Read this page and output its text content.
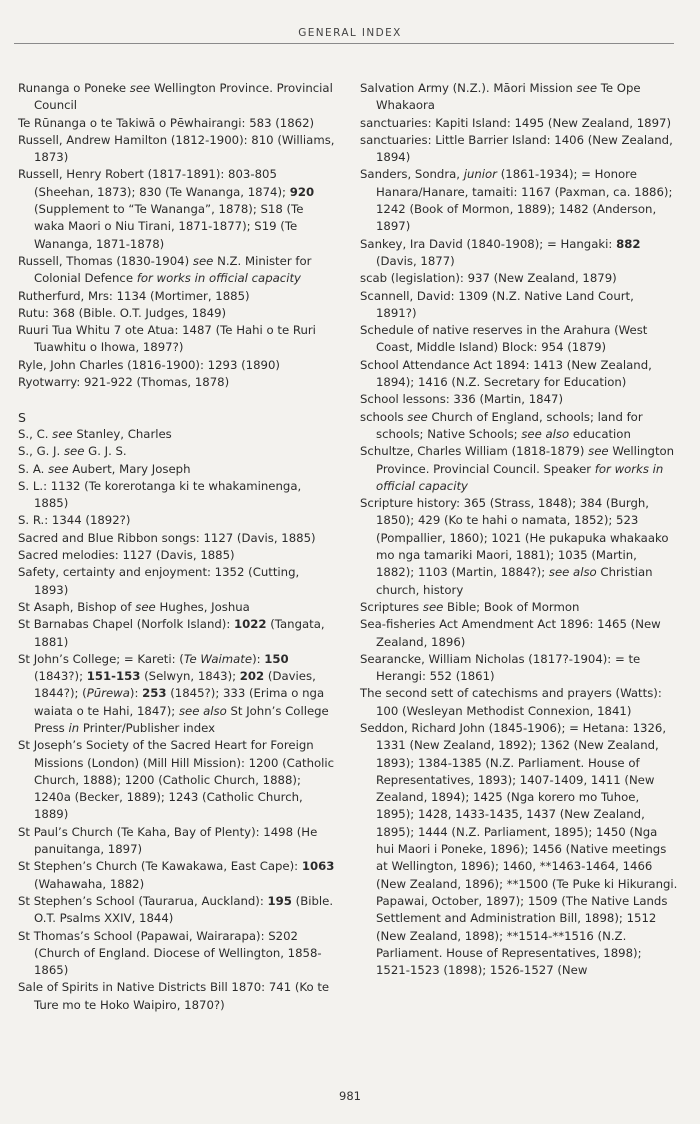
GENERAL INDEX

Runanga o Poneke see Wellington Province. Provincial Council

Te Rūnanga o te Takiwā o Pēwhairangi: 583 (1862)

Russell, Andrew Hamilton (1812-1900): 810 (Williams, 1873)

Russell, Henry Robert (1817-1891): 803-805 (Sheehan, 1873); 830 (Te Wananga, 1874); 920 (Supplement to “Te Wananga”, 1878); S18 (Te waka Maori o Niu Tirani, 1871-1877); S19 (Te Wananga, 1871-1878)

Russell, Thomas (1830-1904) see N.Z. Minister for Colonial Defence for works in official capacity

Rutherfurd, Mrs: 1134 (Mortimer, 1885)

Rutu: 368 (Bible. O.T. Judges, 1849)

Ruuri Tua Whitu 7 ote Atua: 1487 (Te Hahi o te Ruri Tuawhitu o Ihowa, 1897?)

Ryle, John Charles (1816-1900): 1293 (1890)

Ryotwarry: 921-922 (Thomas, 1878)

S

S., C. see Stanley, Charles

S., G. J. see G. J. S.

S. A. see Aubert, Mary Joseph

S. L.: 1132 (Te korerotanga ki te whakaminenga, 1885)

S. R.: 1344 (1892?)

Sacred and Blue Ribbon songs: 1127 (Davis, 1885)

Sacred melodies: 1127 (Davis, 1885)

Safety, certainty and enjoyment: 1352 (Cutting, 1893)

St Asaph, Bishop of see Hughes, Joshua

St Barnabas Chapel (Norfolk Island): 1022 (Tangata, 1881)

St John’s College; = Kareti: (Te Waimate): 150 (1843?); 151-153 (Selwyn, 1843); 202 (Davies, 1844?); (Pūrewa): 253 (1845?); 333 (Erima o nga waiata o te Hahi, 1847); see also St John’s College Press in Printer/Publisher index

St Joseph’s Society of the Sacred Heart for Foreign Missions (London) (Mill Hill Mission): 1200 (Catholic Church, 1888); 1200 (Catholic Church, 1888); 1240a (Becker, 1889); 1243 (Catholic Church, 1889)

St Paul’s Church (Te Kaha, Bay of Plenty): 1498 (He panuitanga, 1897)

St Stephen’s Church (Te Kawakawa, East Cape): 1063 (Wahawaha, 1882)

St Stephen’s School (Taurarua, Auckland): 195 (Bible. O.T. Psalms XXIV, 1844)

St Thomas’s School (Papawai, Wairarapa): S202 (Church of England. Diocese of Wellington, 1858-1865)

Sale of Spirits in Native Districts Bill 1870: 741 (Ko te Ture mo te Hoko Waipiro, 1870?)

Salvation Army (N.Z.). Māori Mission see Te Ope Whakaora

sanctuaries: Kapiti Island: 1495 (New Zealand, 1897)

sanctuaries: Little Barrier Island: 1406 (New Zealand, 1894)

Sanders, Sondra, junior (1861-1934); = Honore Hanara/Hanare, tamaiti: 1167 (Paxman, ca. 1886); 1242 (Book of Mormon, 1889); 1482 (Anderson, 1897)

Sankey, Ira David (1840-1908); = Hangaki: 882 (Davis, 1877)

scab (legislation): 937 (New Zealand, 1879)

Scannell, David: 1309 (N.Z. Native Land Court, 1891?)

Schedule of native reserves in the Arahura (West Coast, Middle Island) Block: 954 (1879)

School Attendance Act 1894: 1413 (New Zealand, 1894); 1416 (N.Z. Secretary for Education)

School lessons: 336 (Martin, 1847)

schools see Church of England, schools; land for schools; Native Schools; see also education

Schultze, Charles William (1818-1879) see Wellington Province. Provincial Council. Speaker for works in official capacity

Scripture history: 365 (Strass, 1848); 384 (Burgh, 1850); 429 (Ko te hahi o namata, 1852); 523 (Pompallier, 1860); 1021 (He pukapuka whakaako mo nga tamariki Maori, 1881); 1035 (Martin, 1882); 1103 (Martin, 1884?); see also Christian church, history

Scriptures see Bible; Book of Mormon

Sea-fisheries Act Amendment Act 1896: 1465 (New Zealand, 1896)

Searancke, William Nicholas (1817?-1904): = te Herangi: 552 (1861)

The second sett of catechisms and prayers (Watts): 100 (Wesleyan Methodist Connexion, 1841)

Seddon, Richard John (1845-1906); = Hetana: 1326, 1331 (New Zealand, 1892); 1362 (New Zealand, 1893); 1384-1385 (N.Z. Parliament. House of Representatives, 1893); 1407-1409, 1411 (New Zealand, 1894); 1425 (Nga korero mo Tuhoe, 1895); 1428, 1433-1435, 1437 (New Zealand, 1895); 1444 (N.Z. Parliament, 1895); 1450 (Nga hui Maori i Poneke, 1896); 1456 (Native meetings at Wellington, 1896); 1460, **1463-1464, 1466 (New Zealand, 1896); **1500 (Te Puke ki Hikurangi. Papawai, October, 1897); 1509 (The Native Lands Settlement and Administration Bill, 1898); 1512 (New Zealand, 1898); **1514-**1516 (N.Z. Parliament. House of Representatives, 1898); 1521-1523 (1898); 1526-1527 (New

981
